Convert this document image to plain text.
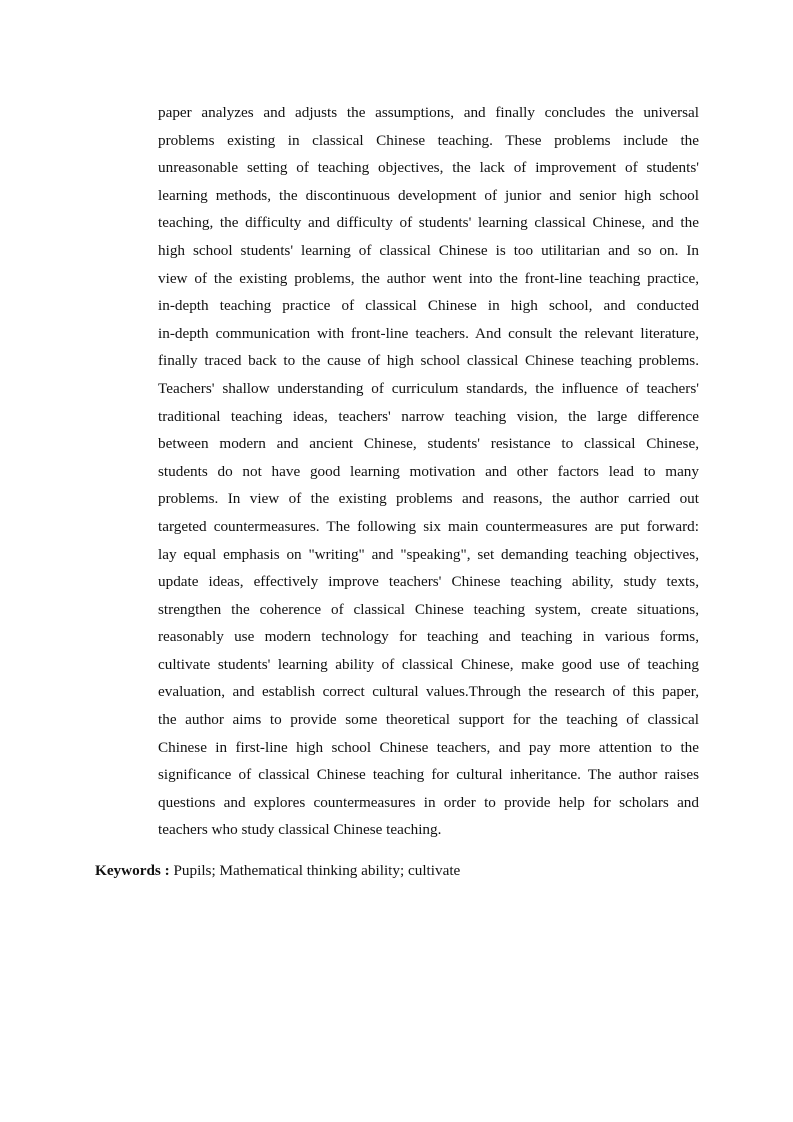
paper analyzes and adjusts the assumptions, and finally concludes the universal
problems existing in classical Chinese teaching. These problems include the
unreasonable setting of teaching objectives, the lack of improvement of students'
learning methods, the discontinuous development of junior and senior high school
teaching, the difficulty and difficulty of students' learning classical Chinese, and the
high school students' learning of classical Chinese is too utilitarian and so on. In
view of the existing problems, the author went into the front-line teaching practice,
in-depth teaching practice of classical Chinese in high school, and conducted
in-depth communication with front-line teachers. And consult the relevant literature,
finally traced back to the cause of high school classical Chinese teaching problems.
Teachers' shallow understanding of curriculum standards, the influence of teachers'
traditional teaching ideas, teachers' narrow teaching vision, the large difference
between modern and ancient Chinese, students' resistance to classical Chinese,
students do not have good learning motivation and other factors lead to many
problems. In view of the existing problems and reasons, the author carried out
targeted countermeasures. The following six main countermeasures are put forward:
lay equal emphasis on "writing" and "speaking", set demanding teaching objectives,
update ideas, effectively improve teachers' Chinese teaching ability, study texts,
strengthen the coherence of classical Chinese teaching system, create situations,
reasonably use modern technology for teaching and teaching in various forms,
cultivate students' learning ability of classical Chinese, make good use of teaching
evaluation, and establish correct cultural values.Through the research of this paper,
the author aims to provide some theoretical support for the teaching of classical
Chinese in first-line high school Chinese teachers, and pay more attention to the
significance of classical Chinese teaching for cultural inheritance. The author raises
questions and explores countermeasures in order to provide help for scholars and
teachers who study classical Chinese teaching.

Keywords : Pupils; Mathematical thinking ability; cultivate
